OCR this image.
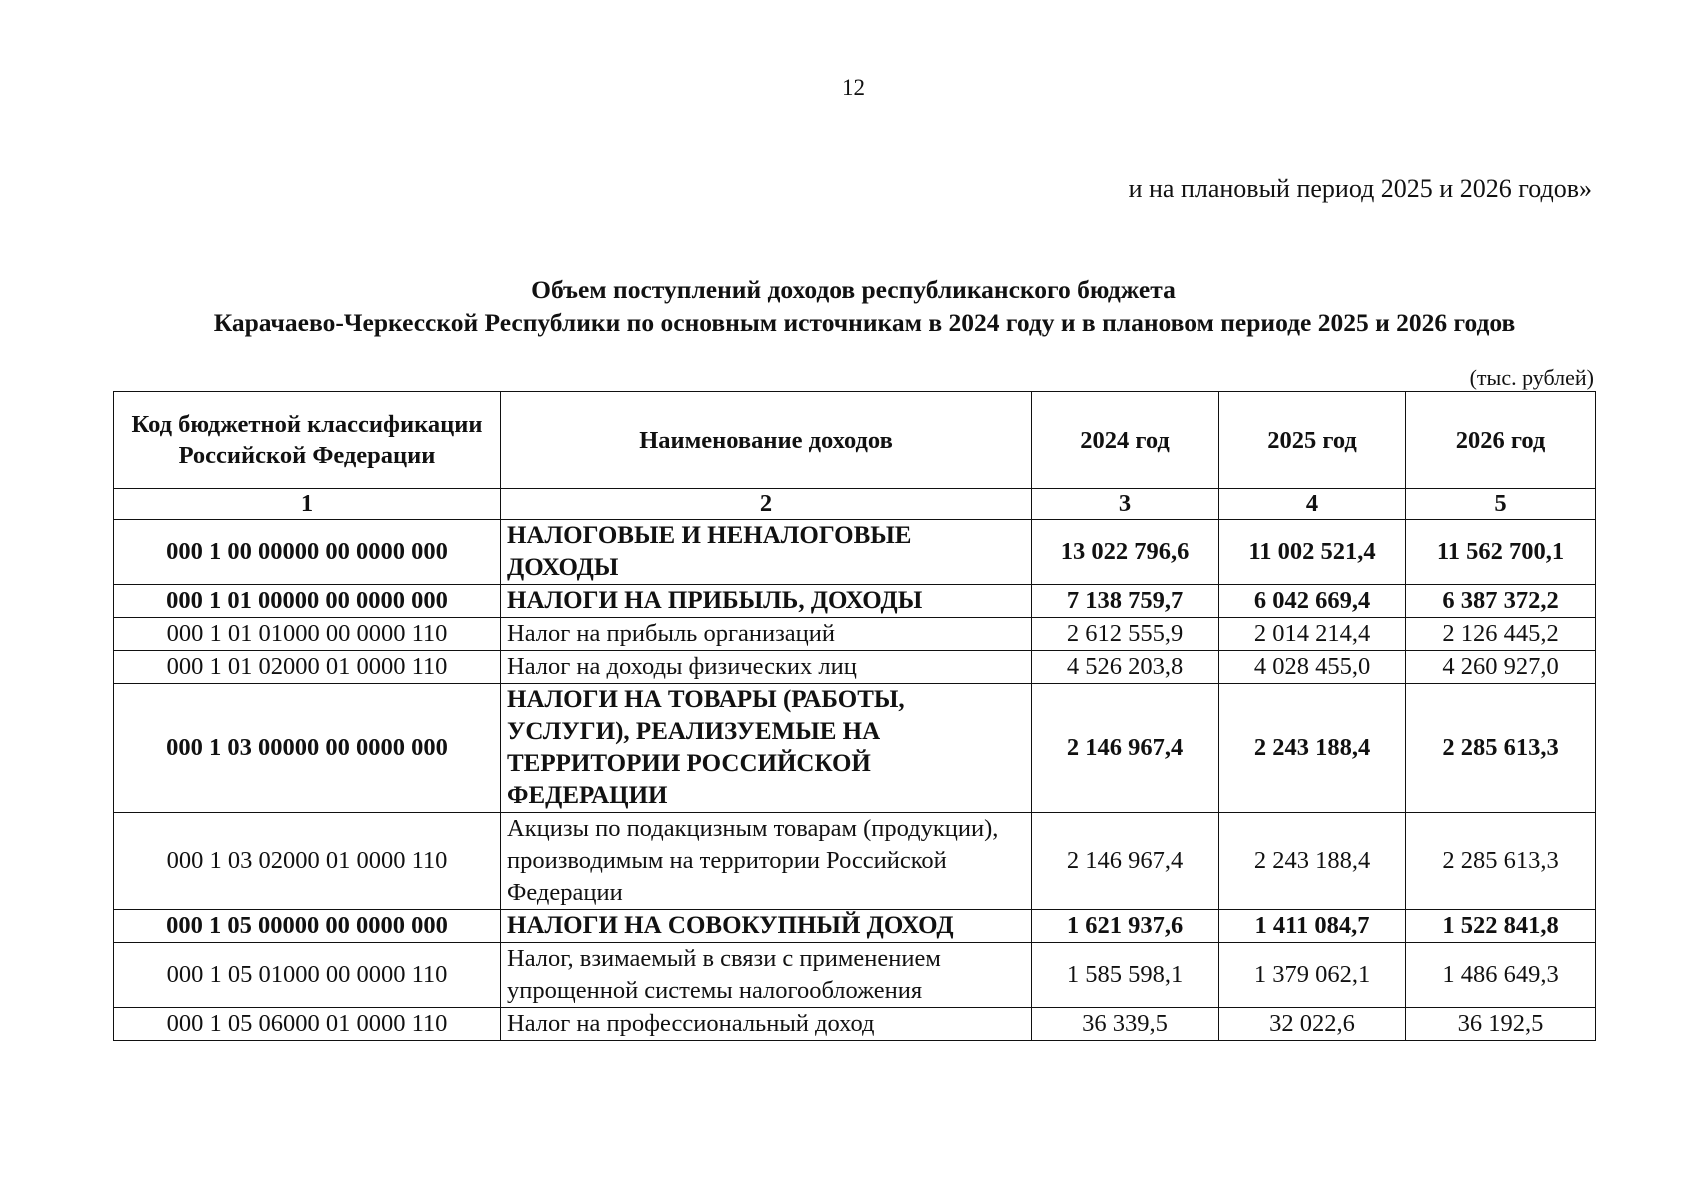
12
и на плановый период 2025 и 2026 годов»
Объем поступлений доходов республиканского бюджета
Карачаево-Черкесской Республики по основным источникам в 2024 году и в плановом периоде 2025 и 2026 годов
(тыс. рублей)
Код бюджетной классификации Российской Федерации	Наименование доходов	2024 год	2025 год	2026 год
1	2	3	4	5
000 1 00 00000 00 0000 000	НАЛОГОВЫЕ И НЕНАЛОГОВЫЕ ДОХОДЫ	13 022 796,6	11 002 521,4	11 562 700,1
000 1 01 00000 00 0000 000	НАЛОГИ НА ПРИБЫЛЬ, ДОХОДЫ	7 138 759,7	6 042 669,4	6 387 372,2
000 1 01 01000 00 0000 110	Налог на прибыль организаций	2 612 555,9	2 014 214,4	2 126 445,2
000 1 01 02000 01 0000 110	Налог на доходы физических лиц	4 526 203,8	4 028 455,0	4 260 927,0
000 1 03 00000 00 0000 000	НАЛОГИ НА ТОВАРЫ (РАБОТЫ, УСЛУГИ), РЕАЛИЗУЕМЫЕ НА ТЕРРИТОРИИ РОССИЙСКОЙ ФЕДЕРАЦИИ	2 146 967,4	2 243 188,4	2 285 613,3
000 1 03 02000 01 0000 110	Акцизы по подакцизным товарам (продукции), производимым на территории Российской Федерации	2 146 967,4	2 243 188,4	2 285 613,3
000 1 05 00000 00 0000 000	НАЛОГИ НА СОВОКУПНЫЙ ДОХОД	1 621 937,6	1 411 084,7	1 522 841,8
000 1 05 01000 00 0000 110	Налог, взимаемый в связи с применением упрощенной системы налогообложения	1 585 598,1	1 379 062,1	1 486 649,3
000 1 05 06000 01 0000 110	Налог на профессиональный доход	36 339,5	32 022,6	36 192,5
